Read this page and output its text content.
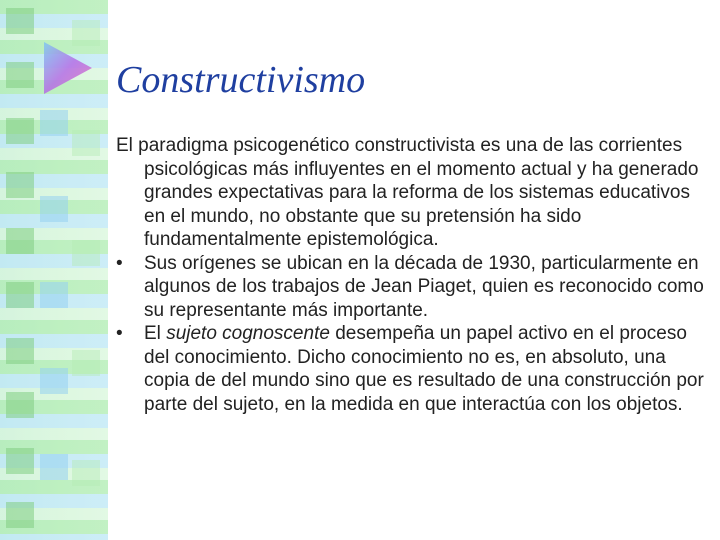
Constructivismo

El paradigma psicogenético constructivista es una de las corrientes psicológicas más influyentes en el momento actual y ha generado grandes expectativas para la reforma de los sistemas educativos en el mundo, no obstante que su pretensión ha sido fundamentalmente epistemológica.

•	Sus orígenes se ubican en la década de 1930, particularmente en algunos de los trabajos de Jean Piaget, quien es reconocido como su representante más importante.

•	El sujeto cognoscente desempeña un papel activo en el proceso del conocimiento. Dicho conocimiento no es, en absoluto, una copia de del mundo sino que es resultado de una construcción por parte del sujeto, en la medida en que interactúa con los objetos.
